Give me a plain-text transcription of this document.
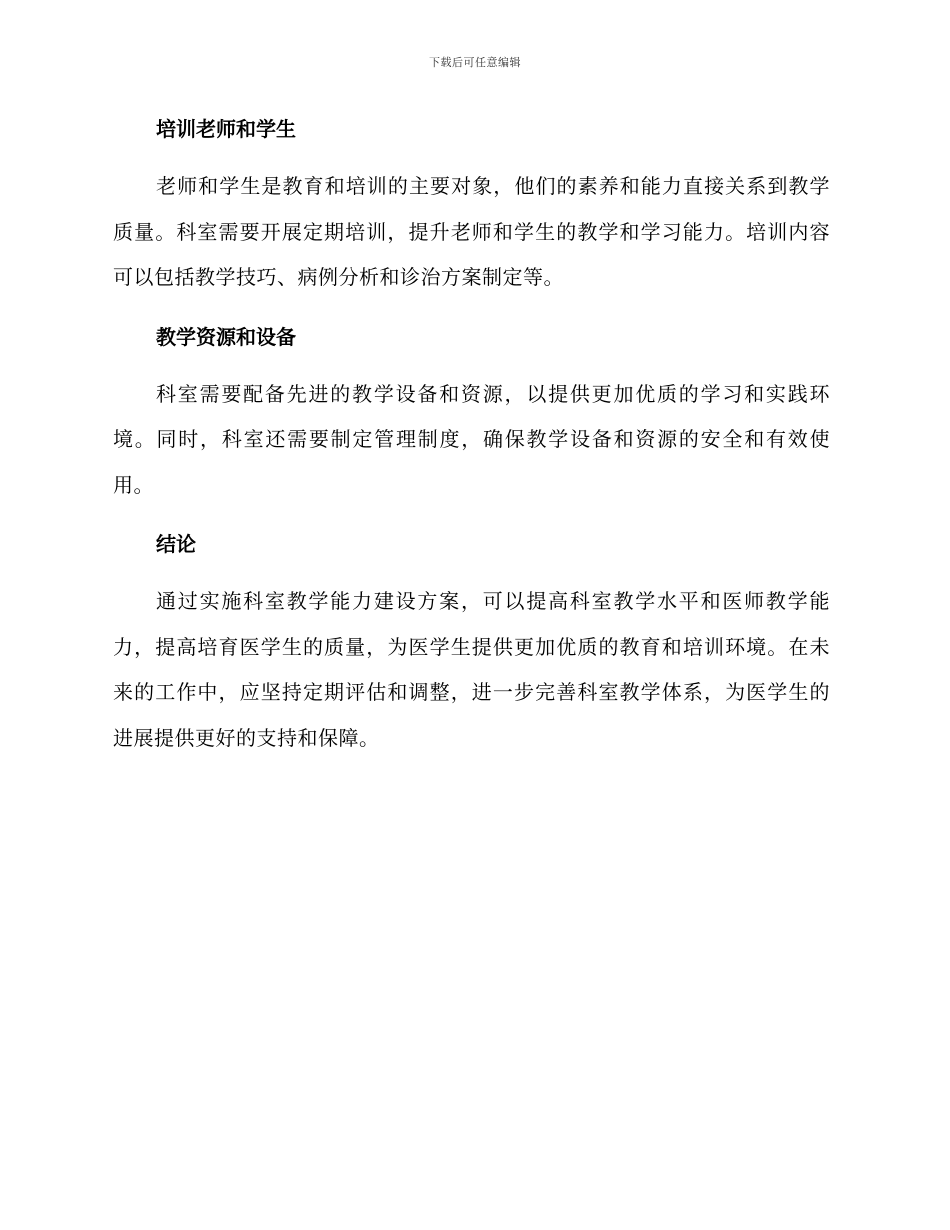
下载后可任意编辑
培训老师和学生

老师和学生是教育和培训的主要对象，他们的素养和能力直接关系到教学质量。科室需要开展定期培训，提升老师和学生的教学和学习能力。培训内容可以包括教学技巧、病例分析和诊治方案制定等。

教学资源和设备

科室需要配备先进的教学设备和资源，以提供更加优质的学习和实践环境。同时，科室还需要制定管理制度，确保教学设备和资源的安全和有效使用。

结论

通过实施科室教学能力建设方案，可以提高科室教学水平和医师教学能力，提高培育医学生的质量，为医学生提供更加优质的教育和培训环境。在未来的工作中，应坚持定期评估和调整，进一步完善科室教学体系，为医学生的进展提供更好的支持和保障。
